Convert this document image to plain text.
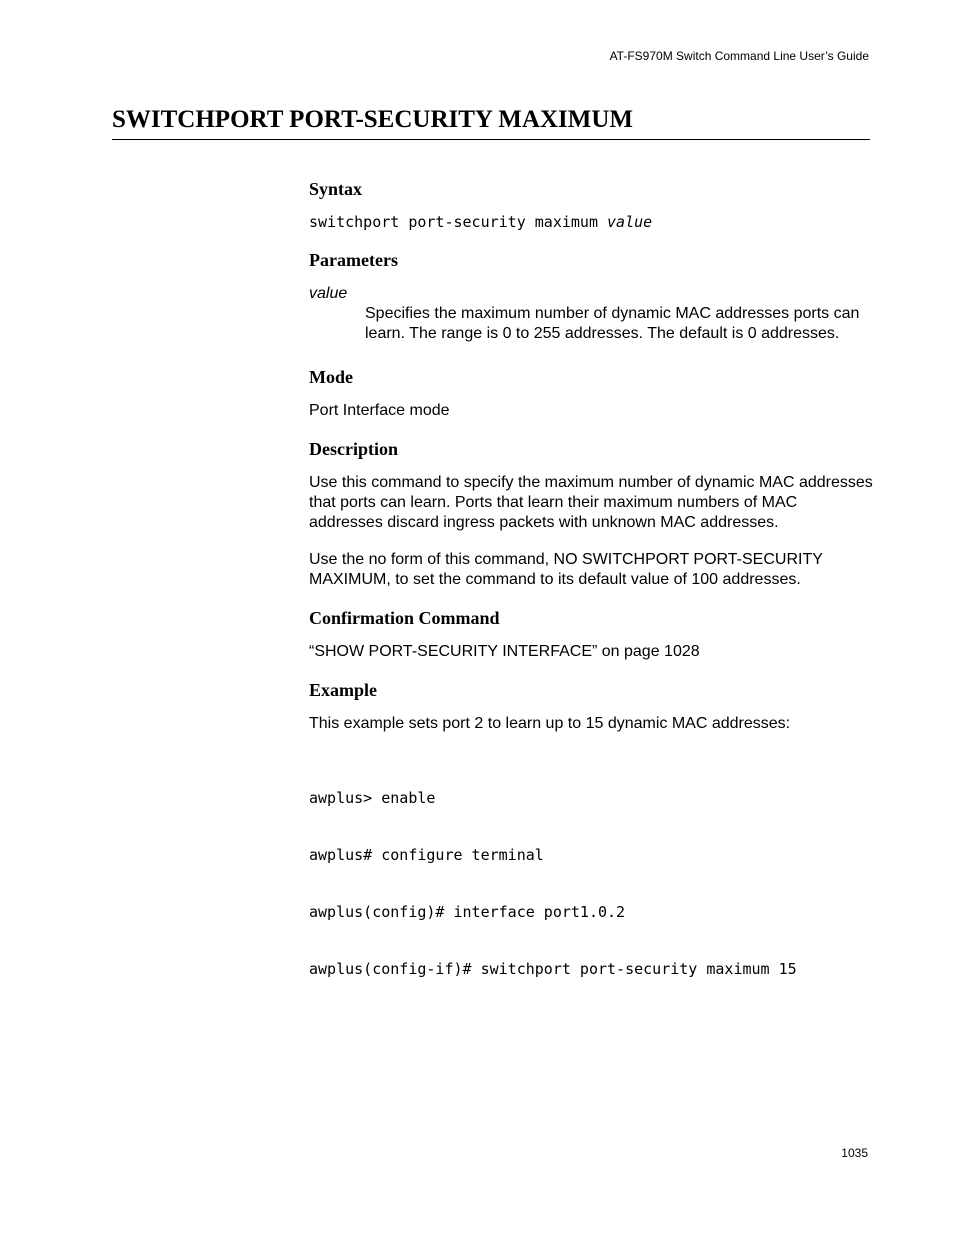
AT-FS970M Switch Command Line User’s Guide
SWITCHPORT PORT-SECURITY MAXIMUM
Syntax
switchport port-security maximum value
Parameters

value

Specifies the maximum number of dynamic MAC addresses ports can learn. The range is 0 to 255 addresses. The default is 0 addresses.

Mode

Port Interface mode

Description

Use this command to specify the maximum number of dynamic MAC addresses that ports can learn. Ports that learn their maximum numbers of MAC addresses discard ingress packets with unknown MAC addresses.

Use the no form of this command, NO SWITCHPORT PORT-SECURITY MAXIMUM, to set the command to its default value of 100 addresses.

Confirmation Command

“SHOW PORT-SECURITY INTERFACE” on page 1028

Example

This example sets port 2 to learn up to 15 dynamic MAC addresses:

awplus> enable

awplus# configure terminal

awplus(config)# interface port1.0.2

awplus(config-if)# switchport port-security maximum 15

1035
